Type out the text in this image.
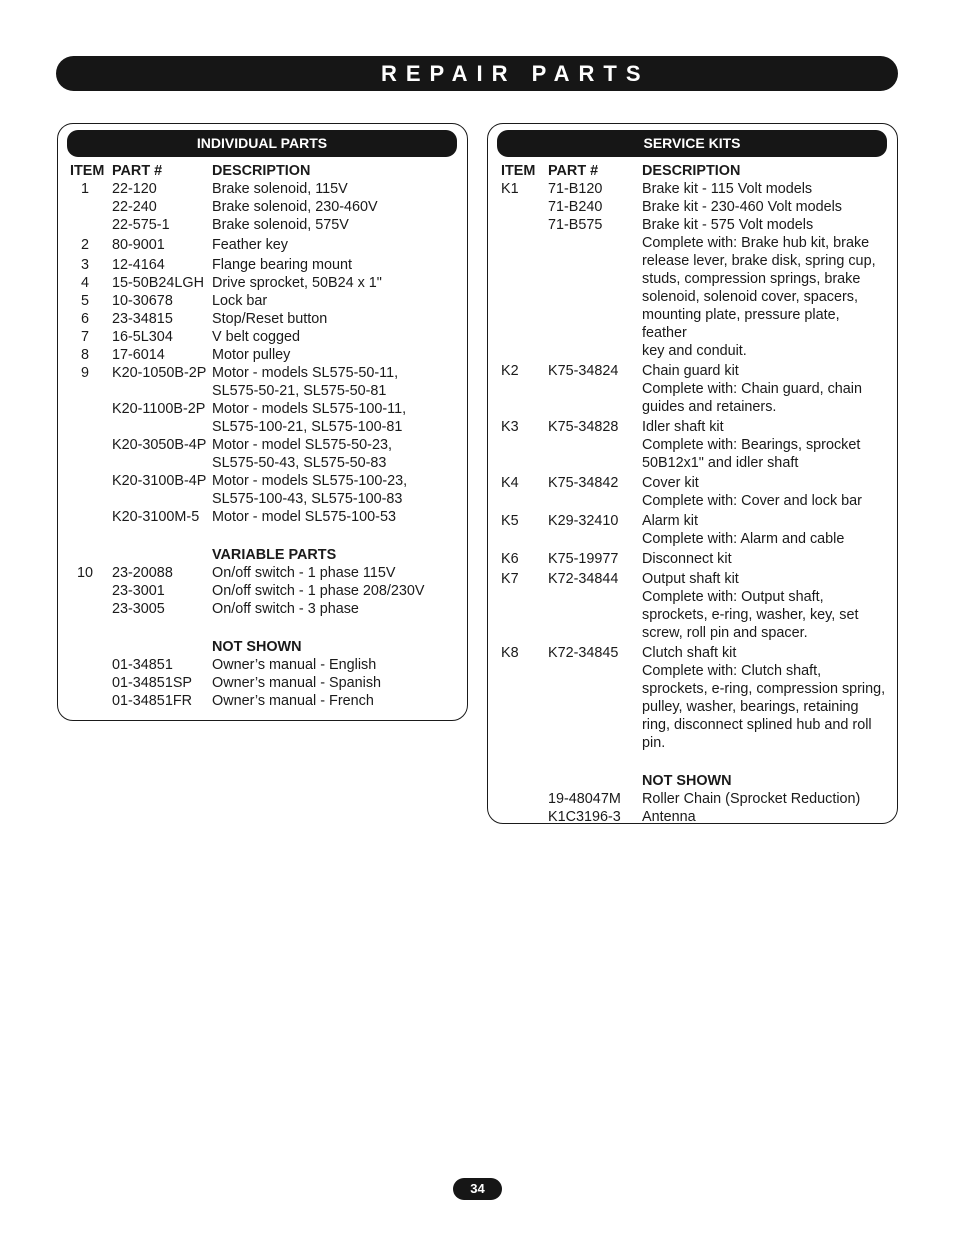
REPAIR PARTS
INDIVIDUAL PARTS
ITEM PART #	DESCRIPTION
1	22-120	Brake solenoid, 115V
22-240	Brake solenoid, 230-460V
22-575-1	Brake solenoid, 575V
2	80-9001	Feather key
3	12-4164	Flange bearing mount
4	15-50B24LGH Drive sprocket, 50B24 x 1"
5	10-30678	Lock bar
6	23-34815	Stop/Reset button
7	16-5L304	V belt cogged
8	17-6014	Motor pulley
9	K20-1050B-2P Motor - models SL575-50-11,
SL575-50-21, SL575-50-81
K20-1100B-2P Motor - models SL575-100-11,
SL575-100-21, SL575-100-81
K20-3050B-4P Motor - model SL575-50-23,
SL575-50-43, SL575-50-83
K20-3100B-4P Motor - models SL575-100-23,
SL575-100-43, SL575-100-83
K20-3100M-5 Motor - model SL575-100-53
VARIABLE PARTS
10	23-20088	On/off switch - 1 phase 115V
23-3001	On/off switch - 1 phase 208/230V
23-3005	On/off switch - 3 phase
NOT SHOWN
01-34851	Owner’s manual - English
01-34851SP	Owner’s manual - Spanish
01-34851FR	Owner’s manual - French
SERVICE KITS
ITEM PART #	DESCRIPTION
K1	71-B120	Brake kit - 115 Volt models
71-B240	Brake kit - 230-460 Volt models
71-B575	Brake kit - 575 Volt models
Complete with: Brake hub kit, brake
release lever, brake disk, spring cup,
studs, compression springs, brake
solenoid, solenoid cover, spacers,
mounting plate, pressure plate, feather
key and conduit.
K2	K75-34824	Chain guard kit
Complete with: Chain guard, chain
guides and retainers.
K3	K75-34828	Idler shaft kit
Complete with: Bearings, sprocket
50B12x1" and idler shaft
K4	K75-34842	Cover kit
Complete with: Cover and lock bar
K5	K29-32410	Alarm kit
Complete with: Alarm and cable
K6	K75-19977	Disconnect kit
K7	K72-34844	Output shaft kit
Complete with: Output shaft,
sprockets, e-ring, washer, key, set
screw, roll pin and spacer.
K8	K72-34845	Clutch shaft kit
Complete with: Clutch shaft,
sprockets, e-ring, compression spring,
pulley, washer, bearings, retaining
ring, disconnect splined hub and roll
pin.
NOT SHOWN
19-48047M	Roller Chain (Sprocket Reduction)
K1C3196-3	Antenna
34
